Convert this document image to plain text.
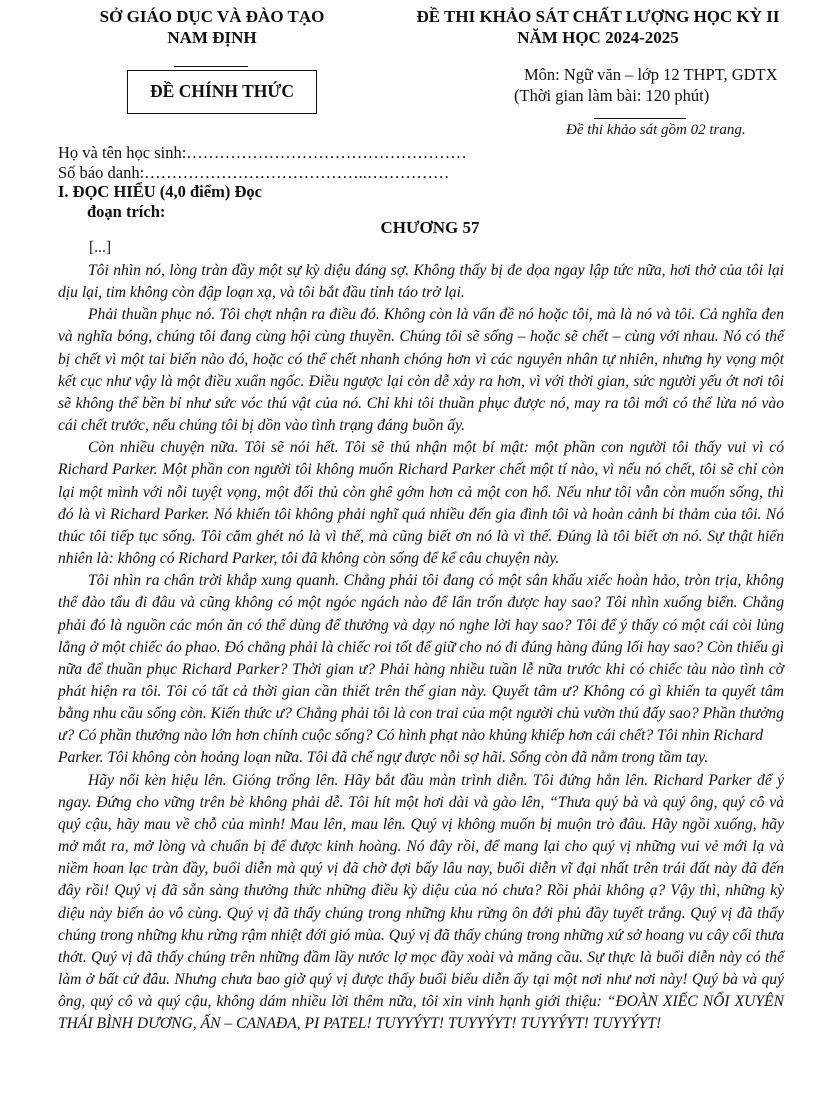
SỞ GIÁO DỤC VÀ ĐÀO TẠO
NAM ĐỊNH
ĐỀ THI KHẢO SÁT CHẤT LƯỢNG HỌC KỲ II
NĂM HỌC 2024-2025
ĐỀ CHÍNH THỨC
Môn: Ngữ văn – lớp 12 THPT, GDTX
(Thời gian làm bài: 120 phút)
Đề thi khảo sát gồm 02 trang.
Họ và tên học sinh:……………………………………………
Số báo danh:…………………………………..……………
I. ĐỌC HIỂU (4,0 điểm) Đọc
đoạn trích:
CHƯƠNG 57
[...]

Tôi nhìn nó, lòng tràn đầy một sự kỳ diệu đáng sợ. Không thấy bị đe dọa ngay lập tức nữa, hơi thở của tôi lại dịu lại, tim không còn đập loạn xạ, và tôi bắt đầu tỉnh táo trở lại.

Phải thuần phục nó. Tôi chợt nhận ra điều đó. Không còn là vấn đề nó hoặc tôi, mà là nó và tôi. Cả nghĩa đen và nghĩa bóng, chúng tôi đang cùng hội cùng thuyền. Chúng tôi sẽ sống – hoặc sẽ chết – cùng với nhau. Nó có thể bị chết vì một tai biến nào đó, hoặc có thể chết nhanh chóng hơn vì các nguyên nhân tự nhiên, nhưng hy vọng một kết cục như vậy là một điều xuẩn ngốc. Điều ngược lại còn dễ xảy ra hơn, vì với thời gian, sức người yếu ớt nơi tôi sẽ không thể bền bỉ như sức vóc thú vật của nó. Chỉ khi tôi thuần phục được nó, may ra tôi mới có thể lừa nó vào cái chết trước, nếu chúng tôi bị dồn vào tình trạng đáng buồn ấy.

Còn nhiều chuyện nữa. Tôi sẽ nói hết. Tôi sẽ thú nhận một bí mật: một phần con người tôi thấy vui vì có Richard Parker. Một phần con người tôi không muốn Richard Parker chết một tí nào, vì nếu nó chết, tôi sẽ chỉ còn lại một mình với nỗi tuyệt vọng, một đối thủ còn ghê gớm hơn cả một con hổ. Nếu như tôi vẫn còn muốn sống, thì đó là vì Richard Parker. Nó khiến tôi không phải nghĩ quá nhiều đến gia đình tôi và hoàn cảnh bi thảm của tôi. Nó thúc tôi tiếp tục sống. Tôi căm ghét nó là vì thế, mà cũng biết ơn nó là vì thế. Đúng là tôi biết ơn nó. Sự thật hiển nhiên là: không có Richard Parker, tôi đã không còn sống để kể câu chuyện này.

Tôi nhìn ra chân trời khắp xung quanh. Chẳng phải tôi đang có một sân khấu xiếc hoàn hảo, tròn trịa, không thể đào tẩu đi đâu và cũng không có một ngóc ngách nào để lẩn trốn được hay sao? Tôi nhìn xuống biển. Chẳng phải đó là nguồn các món ăn có thể dùng để thưởng và dạy nó nghe lời hay sao? Tôi để ý thấy có một cái còi lủng lẳng ở một chiếc áo phao. Đó chẳng phải là chiếc roi tốt để giữ cho nó đi đúng hàng đúng lối hay sao? Còn thiếu gì nữa để thuần phục Richard Parker? Thời gian ư? Phải hàng nhiều tuần lễ nữa trước khi có chiếc tàu nào tình cờ phát hiện ra tôi. Tôi có tất cả thời gian cần thiết trên thế gian này. Quyết tâm ư? Không có gì khiến ta quyết tâm bằng nhu cầu sống còn. Kiến thức ư? Chẳng phải tôi là con trai của một người chủ vườn thú đấy sao? Phần thưởng ư? Có phần thưởng nào lớn hơn chính cuộc sống? Có hình phạt nào khủng khiếp hơn cái chết? Tôi nhìn Richard

Parker. Tôi không còn hoảng loạn nữa. Tôi đã chế ngự được nỗi sợ hãi. Sống còn đã nằm trong tầm tay.

Hãy nổi kèn hiệu lên. Gióng trống lên. Hãy bắt đầu màn trình diễn. Tôi đứng hẳn lên. Richard Parker để ý ngay. Đứng cho vững trên bè không phải dễ. Tôi hít một hơi dài và gào lên, “Thưa quý bà và quý ông, quý cô và quý cậu, hãy mau về chỗ của mình! Mau lên, mau lên. Quý vị không muốn bị muộn trò đâu. Hãy ngồi xuống, hãy mở mắt ra, mở lòng và chuẩn bị để được kinh hoàng. Nó đây rồi, để mang lại cho quý vị những vui vẻ mới lạ và niềm hoan lạc tràn đầy, buổi diễn mà quý vị đã chờ đợi bấy lâu nay, buổi diễn vĩ đại nhất trên trái đất này đã đến đây rồi! Quý vị đã sẵn sàng thưởng thức những điều kỳ diệu của nó chưa? Rồi phải không ạ? Vậy thì, những kỳ diệu này biến ảo vô cùng. Quý vị đã thấy chúng trong những khu rừng ôn đới phủ đầy tuyết trắng. Quý vị đã thấy chúng trong những khu rừng rậm nhiệt đới gió mùa. Quý vị đã thấy chúng trong những xứ sở hoang vu cây cối thưa thớt. Quý vị đã thấy chúng trên những đầm lầy nước lợ mọc đầy xoài và măng cầu. Sự thực là buổi diễn này có thể làm ở bất cứ đâu. Nhưng chưa bao giờ quý vị được thấy buổi biểu diễn ấy tại một nơi như nơi này! Quý bà và quý ông, quý cô và quý cậu, không dám nhiều lời thêm nữa, tôi xin vinh hạnh giới thiệu: “ĐOÀN XIẾC NỔI XUYÊN THÁI BÌNH DƯƠNG, ẤN – CANAĐA, PI PATEL! TUYYÝYT! TUYYÝYT! TUYYÝYT! TUYYÝYT!
